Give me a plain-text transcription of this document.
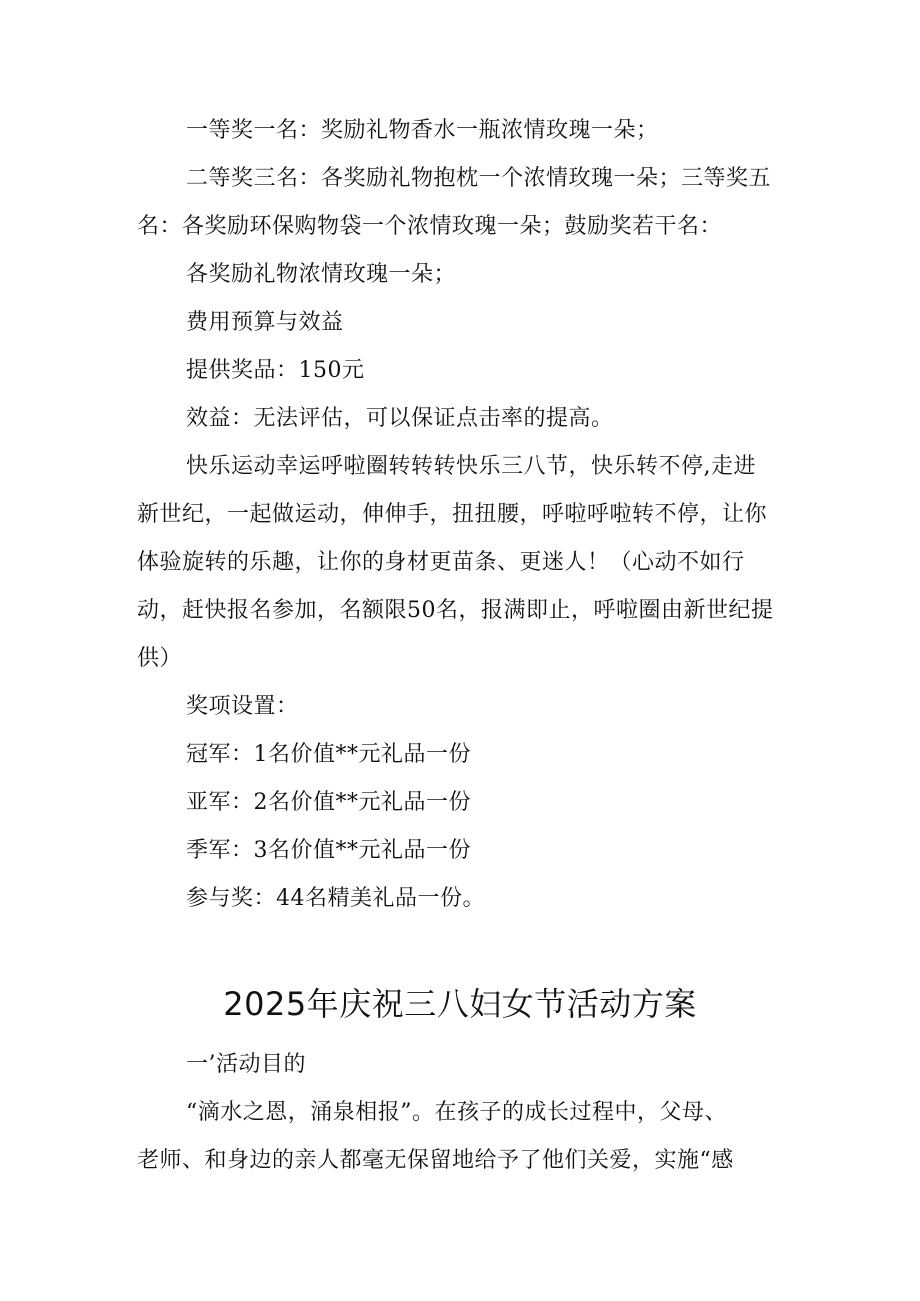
一等奖一名：奖励礼物香水一瓶浓情玫瑰一朵；
二等奖三名：各奖励礼物抱枕一个浓情玫瑰一朵；三等奖五
名：各奖励环保购物袋一个浓情玫瑰一朵；鼓励奖若干名：
各奖励礼物浓情玫瑰一朵；
费用预算与效益
提供奖品：150元
效益：无法评估，可以保证点击率的提高。
快乐运动幸运呼啦圈转转转快乐三八节，快乐转不停,走进
新世纪，一起做运动，伸伸手，扭扭腰，呼啦呼啦转不停，让你
体验旋转的乐趣，让你的身材更苗条、更迷人！（心动不如行
动，赶快报名参加，名额限50名，报满即止，呼啦圈由新世纪提
供）
奖项设置：
冠军：1名价值**元礼品一份
亚军：2名价值**元礼品一份
季军：3名价值**元礼品一份
参与奖：44名精美礼品一份。
2025年庆祝三八妇女节活动方案
一’活动目的
“滴水之恩，涌泉相报”。在孩子的成长过程中，父母、
老师、和身边的亲人都毫无保留地给予了他们关爱，实施“感
